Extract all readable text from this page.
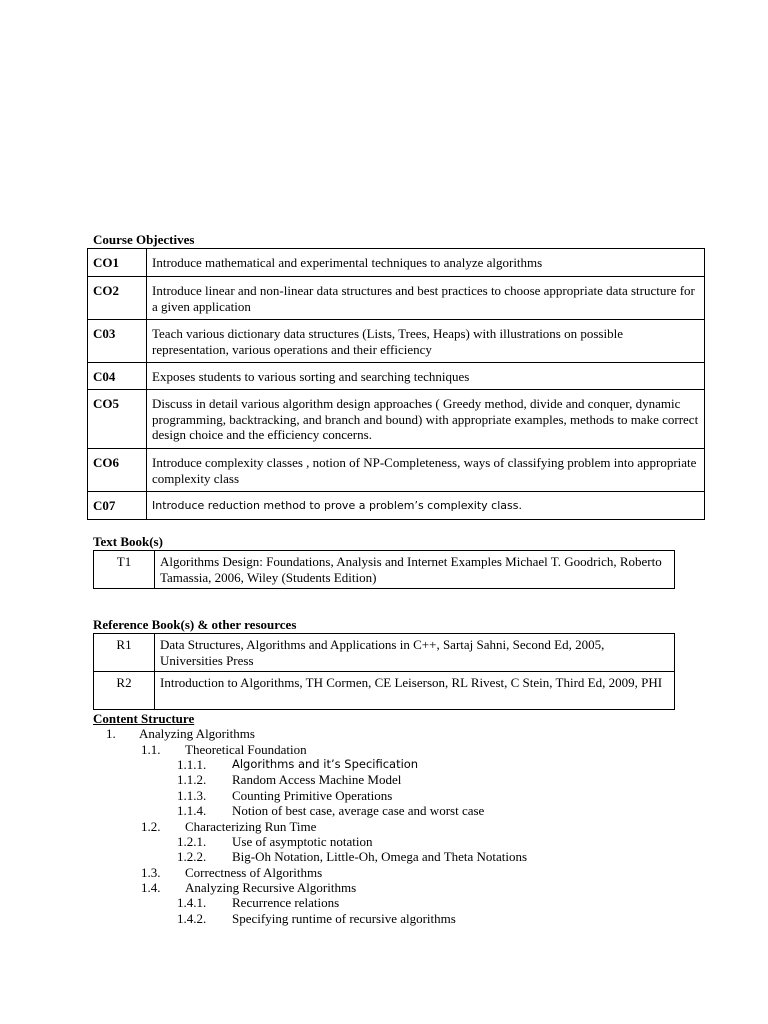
Course Objectives
CO1	Introduce mathematical and experimental techniques to analyze algorithms
CO2	Introduce linear and non-linear data structures and best practices to choose appropriate data structure for a given application
C03	Teach various dictionary data structures (Lists, Trees, Heaps) with illustrations on possible representation, various operations and their efficiency
C04	Exposes students to various sorting and searching techniques
CO5	Discuss in detail various algorithm design approaches ( Greedy method, divide and conquer, dynamic programming, backtracking, and branch and bound) with appropriate examples, methods to make correct design choice and the efficiency concerns.
CO6	Introduce complexity classes , notion of NP-Completeness, ways of classifying problem into appropriate complexity class
C07	Introduce reduction method to prove a problem’s complexity class.
Text Book(s)
T1	Algorithms Design: Foundations, Analysis and Internet Examples Michael T. Goodrich, Roberto Tamassia, 2006, Wiley (Students Edition)
Reference Book(s) & other resources
R1	Data Structures, Algorithms and Applications in C++, Sartaj Sahni, Second Ed, 2005, Universities Press
R2	Introduction to Algorithms, TH Cormen, CE Leiserson, RL Rivest, C Stein, Third Ed, 2009, PHI
Content Structure
1. Analyzing Algorithms
1.1. Theoretical Foundation
1.1.1. Algorithms and it’s Specification
1.1.2. Random Access Machine Model
1.1.3. Counting Primitive Operations
1.1.4. Notion of best case, average case and worst case
1.2. Characterizing Run Time
1.2.1. Use of asymptotic notation
1.2.2. Big-Oh Notation, Little-Oh, Omega and Theta Notations
1.3. Correctness of Algorithms
1.4. Analyzing Recursive Algorithms
1.4.1. Recurrence relations
1.4.2. Specifying runtime of recursive algorithms
